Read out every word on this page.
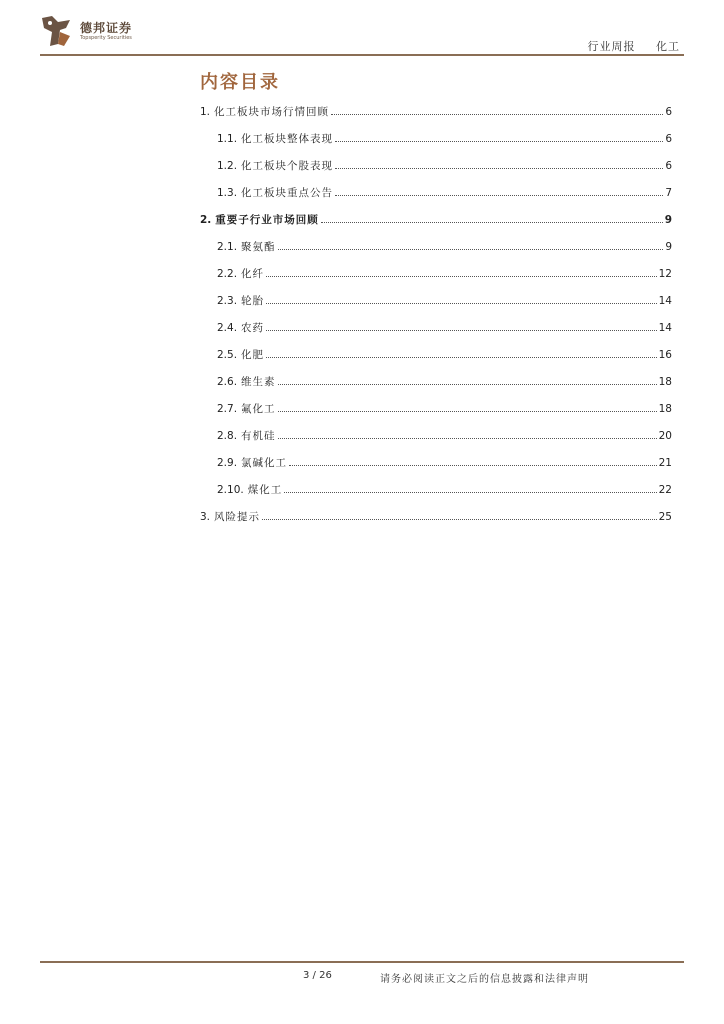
德邦证券
Topsperity Securities
行业周报 化工
内容目录
1. 化工板块市场行情回顾	6
1.1. 化工板块整体表现	6
1.2. 化工板块个股表现	6
1.3. 化工板块重点公告	7
2. 重要子行业市场回顾	9
2.1. 聚氨酯	9
2.2. 化纤	12
2.3. 轮胎	14
2.4. 农药	14
2.5. 化肥	16
2.6. 维生素	18
2.7. 氟化工	18
2.8. 有机硅	20
2.9. 氯碱化工	21
2.10. 煤化工	22
3. 风险提示	25
3 / 26	请务必阅读正文之后的信息披露和法律声明
